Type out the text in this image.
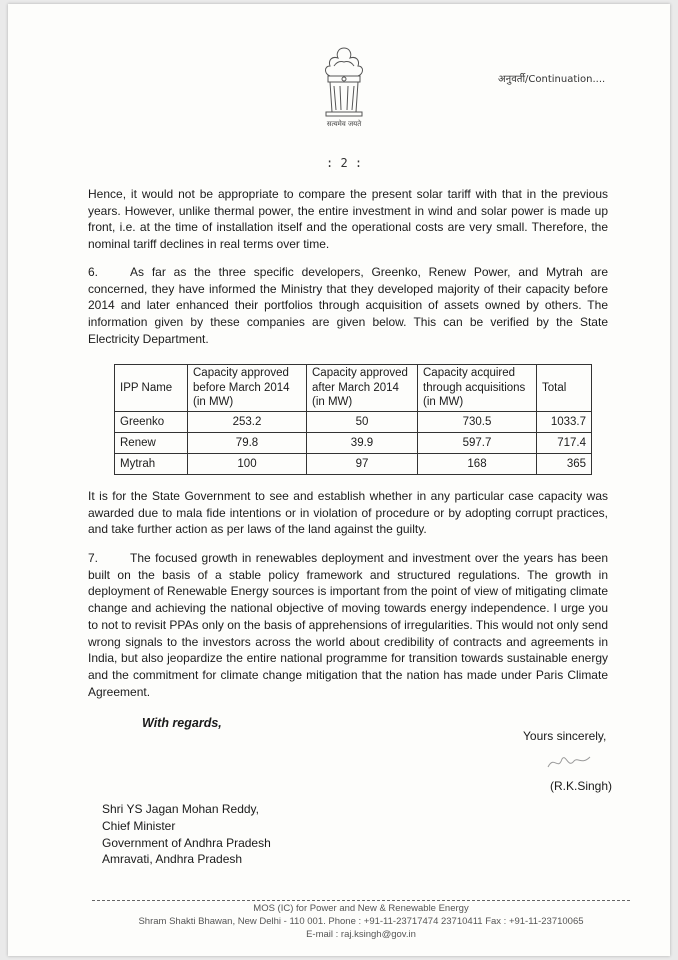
सत्यमेव जयते
अनुवर्ती/Continuation....
: 2 :
Hence, it would not be appropriate to compare the present solar tariff with that in the previous years. However, unlike thermal power, the entire investment in wind and solar power is made up front, i.e. at the time of installation itself and the operational costs are very small. Therefore, the nominal tariff declines in real terms over time.
6.	As far as the three specific developers, Greenko, Renew Power, and Mytrah are concerned, they have informed the Ministry that they developed majority of their capacity before 2014 and later enhanced their portfolios through acquisition of assets owned by others. The information given by these companies are given below. This can be verified by the State Electricity Department.
IPP Name	Capacity approved before March 2014 (in MW)	Capacity approved after March 2014 (in MW)	Capacity acquired through acquisitions (in MW)	Total
Greenko	253.2	50	730.5	1033.7
Renew	79.8	39.9	597.7	717.4
Mytrah	100	97	168	365
It is for the State Government to see and establish whether in any particular case capacity was awarded due to mala fide intentions or in violation of procedure or by adopting corrupt practices, and take further action as per laws of the land against the guilty.
7.	The focused growth in renewables deployment and investment over the years has been built on the basis of a stable policy framework and structured regulations. The growth in deployment of Renewable Energy sources is important from the point of view of mitigating climate change and achieving the national objective of moving towards energy independence. I urge you to not to revisit PPAs only on the basis of apprehensions of irregularities. This would not only send wrong signals to the investors across the world about credibility of contracts and agreements in India, but also jeopardize the entire national programme for transition towards sustainable energy and the commitment for climate change mitigation that the nation has made under Paris Climate Agreement.
With regards,
Yours sincerely,
(R.K.Singh)
Shri YS Jagan Mohan Reddy,
Chief Minister
Government of Andhra Pradesh
Amravati, Andhra Pradesh
MOS (IC) for Power and New & Renewable Energy
Shram Shakti Bhawan, New Delhi - 110 001. Phone : +91-11-23717474 23710411 Fax : +91-11-23710065
E-mail : raj.ksingh@gov.in
